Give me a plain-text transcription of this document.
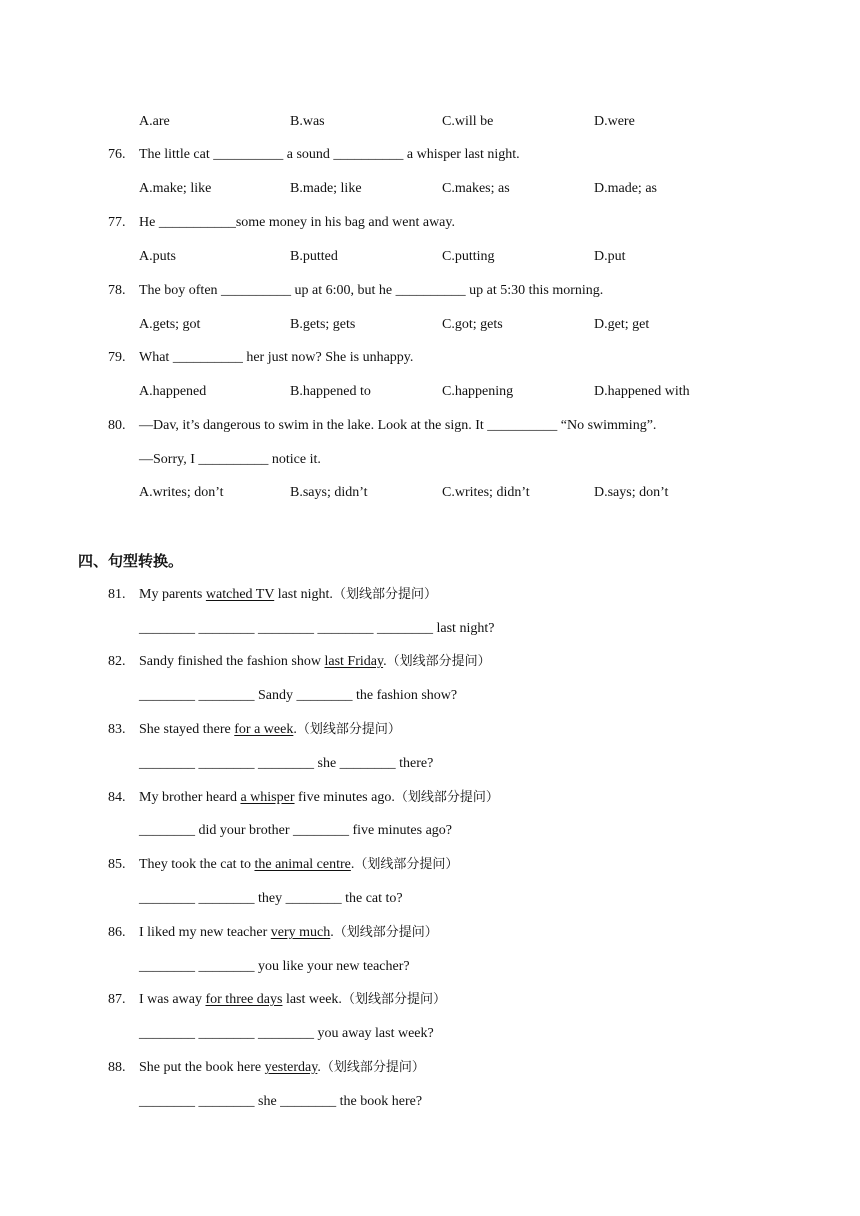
A.are	B.was	C.will be	D.were
76. The little cat __________ a sound __________ a whisper last night.
A.make; like	B.made; like	C.makes; as	D.made; as
77. He ___________some money in his bag and went away.
A.puts	B.putted	C.putting	D.put
78. The boy often __________ up at 6:00, but he __________ up at 5:30 this morning.
A.gets; got	B.gets; gets	C.got; gets	D.get; get
79. What __________ her just now? She is unhappy.
A.happened	B.happened to	C.happening	D.happened with
80. —Dav, it’s dangerous to swim in the lake. Look at the sign. It __________ “No swimming”.
—Sorry, I __________ notice it.
A.writes; don’t	B.says; didn’t	C.writes; didn’t	D.says; don’t
四、句型转换。
81. My parents watched TV last night.（划线部分提问）
________ ________ ________ ________ ________ last night?
82. Sandy finished the fashion show last Friday.（划线部分提问）
________ ________ Sandy ________ the fashion show?
83. She stayed there for a week.（划线部分提问）
________ ________ ________ she ________ there?
84. My brother heard a whisper five minutes ago.（划线部分提问）
________ did your brother ________ five minutes ago?
85. They took the cat to the animal centre.（划线部分提问）
________ ________ they ________ the cat to?
86. I liked my new teacher very much.（划线部分提问）
________ ________ you like your new teacher?
87. I was away for three days last week.（划线部分提问）
________ ________ ________ you away last week?
88. She put the book here yesterday.（划线部分提问）
________ ________ she ________ the book here?
